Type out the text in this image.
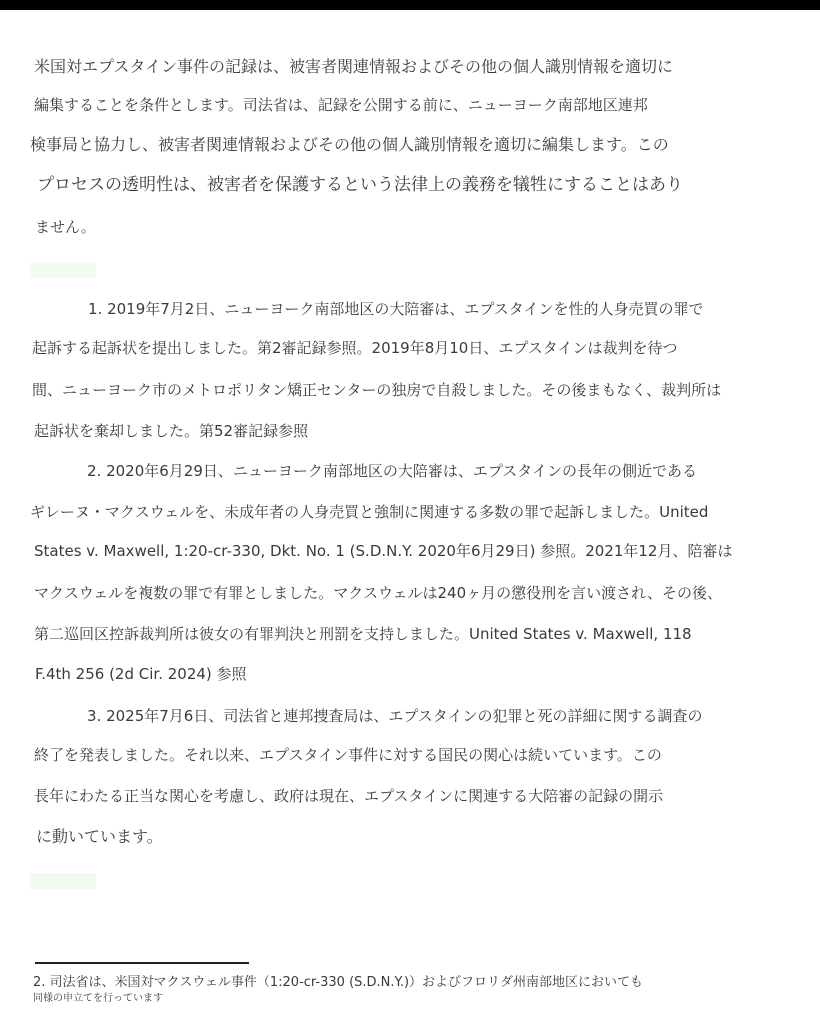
米国対エプスタイン事件の記録は、被害者関連情報およびその他の個人識別情報を適切に
編集することを条件とします。司法省は、記録を公開する前に、ニューヨーク南部地区連邦
検事局と協力し、被害者関連情報およびその他の個人識別情報を適切に編集します。この
プロセスの透明性は、被害者を保護するという法律上の義務を犠牲にすることはあり
ません。
1. 2019年7月2日、ニューヨーク南部地区の大陪審は、エプスタインを性的人身売買の罪で
起訴する起訴状を提出しました。第2審記録参照。2019年8月10日、エプスタインは裁判を待つ
間、ニューヨーク市のメトロポリタン矯正センターの独房で自殺しました。その後まもなく、裁判所は
起訴状を棄却しました。第52審記録参照
2. 2020年6月29日、ニューヨーク南部地区の大陪審は、エプスタインの長年の側近である
ギレーヌ・マクスウェルを、未成年者の人身売買と強制に関連する多数の罪で起訴しました。United
States v. Maxwell, 1:20-cr-330, Dkt. No. 1 (S.D.N.Y. 2020年6月29日) 参照。2021年12月、陪審は
マクスウェルを複数の罪で有罪としました。マクスウェルは240ヶ月の懲役刑を言い渡され、その後、
第二巡回区控訴裁判所は彼女の有罪判決と刑罰を支持しました。United States v. Maxwell, 118
F.4th 256 (2d Cir. 2024) 参照
3. 2025年7月6日、司法省と連邦捜査局は、エプスタインの犯罪と死の詳細に関する調査の
終了を発表しました。それ以来、エプスタイン事件に対する国民の関心は続いています。この
長年にわたる正当な関心を考慮し、政府は現在、エプスタインに関連する大陪審の記録の開示
に動いています。
2. 司法省は、米国対マクスウェル事件（1:20-cr-330 (S.D.N.Y.)）およびフロリダ州南部地区においても
同様の申立てを行っています
